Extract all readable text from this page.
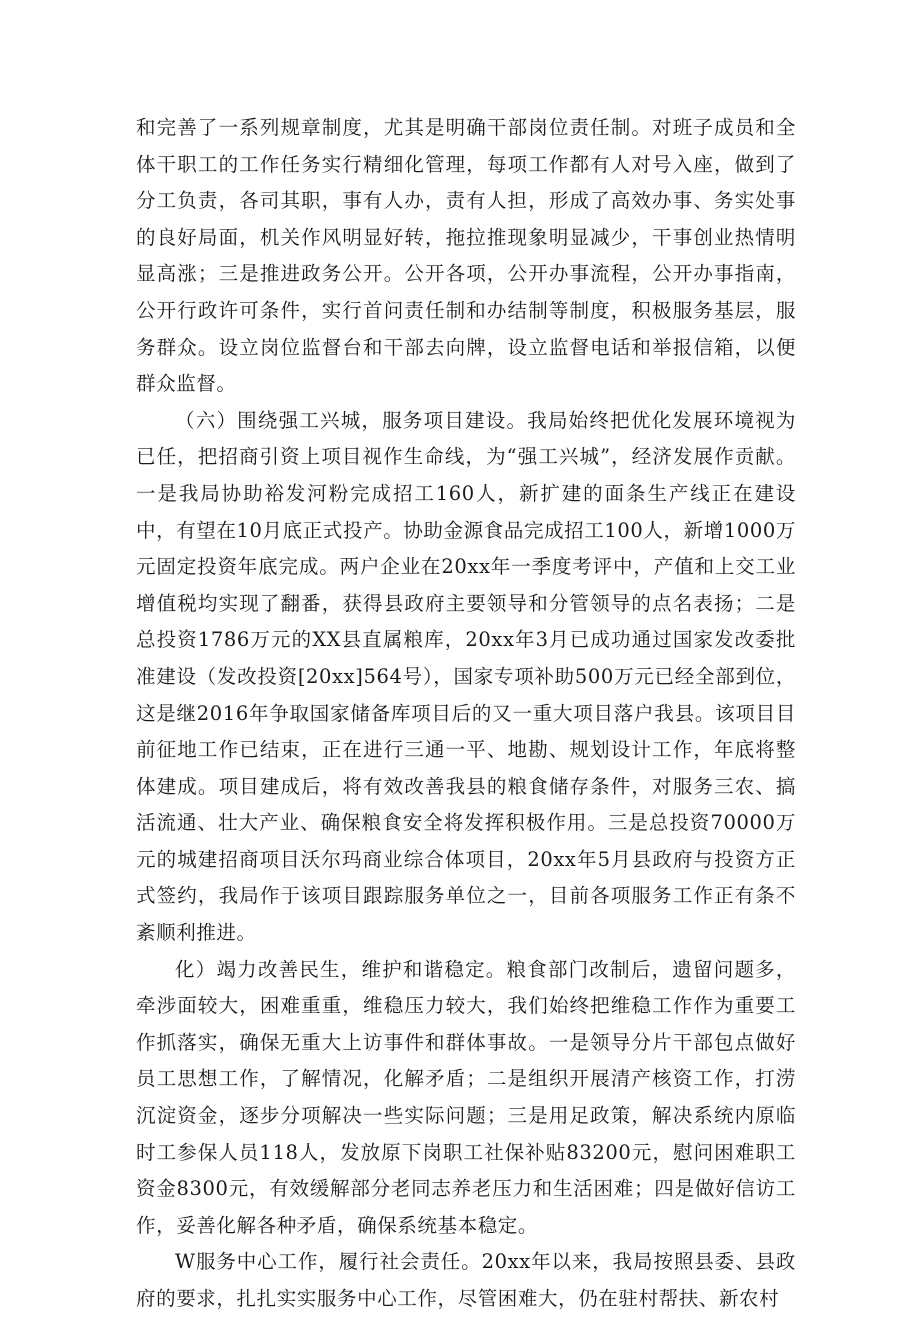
和完善了一系列规章制度，尤其是明确干部岗位责任制。对班子成员和全体干职工的工作任务实行精细化管理，每项工作都有人对号入座，做到了分工负责，各司其职，事有人办，责有人担，形成了高效办事、务实处事的良好局面，机关作风明显好转，拖拉推现象明显减少，干事创业热情明显高涨；三是推进政务公开。公开各项，公开办事流程，公开办事指南，公开行政许可条件，实行首问责任制和办结制等制度，积极服务基层，服务群众。设立岗位监督台和干部去向牌，设立监督电话和举报信箱，以便群众监督。

（六）围绕强工兴城，服务项目建设。我局始终把优化发展环境视为已任，把招商引资上项目视作生命线，为“强工兴城”，经济发展作贡献。一是我局协助裕发河粉完成招工160人，新扩建的面条生产线正在建设中，有望在10月底正式投产。协助金源食品完成招工100人，新增1000万元固定投资年底完成。两户企业在20xx年一季度考评中，产值和上交工业增值税均实现了翻番，获得县政府主要领导和分管领导的点名表扬；二是总投资1786万元的XX县直属粮库，20xx年3月已成功通过国家发改委批准建设（发改投资[20xx]564号），国家专项补助500万元已经全部到位，这是继2016年争取国家储备库项目后的又一重大项目落户我县。该项目目前征地工作已结束，正在进行三通一平、地勘、规划设计工作，年底将整体建成。项目建成后，将有效改善我县的粮食储存条件，对服务三农、搞活流通、壮大产业、确保粮食安全将发挥积极作用。三是总投资70000万元的城建招商项目沃尔玛商业综合体项目，20xx年5月县政府与投资方正式签约，我局作于该项目跟踪服务单位之一，目前各项服务工作正有条不紊顺利推进。

化）竭力改善民生，维护和谐稳定。粮食部门改制后，遗留问题多，牵涉面较大，困难重重，维稳压力较大，我们始终把维稳工作作为重要工作抓落实，确保无重大上访事件和群体事故。一是领导分片干部包点做好员工思想工作，了解情况，化解矛盾；二是组织开展清产核资工作，打涝沉淀资金，逐步分项解决一些实际问题；三是用足政策，解决系统内原临时工参保人员118人，发放原下岗职工社保补贴83200元，慰问困难职工资金8300元，有效缓解部分老同志养老压力和生活困难；四是做好信访工作，妥善化解各种矛盾，确保系统基本稳定。

W服务中心工作，履行社会责任。20xx年以来，我局按照县委、县政府的要求，扎扎实实服务中心工作，尽管困难大，仍在驻村帮扶、新农村
